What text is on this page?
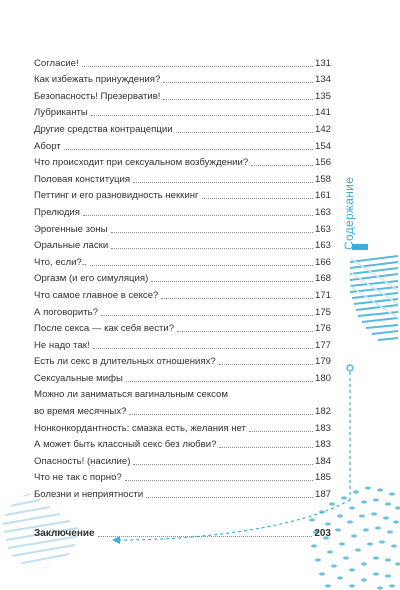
Содержание
Согласие!	131
Как избежать принуждения?	134
Безопасность! Презерватив!	135
Лубриканты	141
Другие средства контрацепции	142
Аборт	154
Что происходит при сексуальном возбуждении?	156
Половая конституция	158
Петтинг и его разновидность неккинг	161
Прелюдия	163
Эрогенные зоны	163
Оральные ласки	163
Что, если?..	166
Оргазм (и его симуляция)	168
Что самое главное в сексе?	171
А поговорить?	175
После секса — как себя вести?	176
Не надо так!	177
Есть ли секс в длительных отношениях?	179
Сексуальные мифы	180
Можно ли заниматься вагинальным сексом
во время месячных?	182
Нонконкордантность: смазка есть, желания нет	183
А может быть классный секс без любви?	183
Опасность! (насилие)	184
Что не так с порно?	185
Болезни и неприятности	187
Заключение	203
